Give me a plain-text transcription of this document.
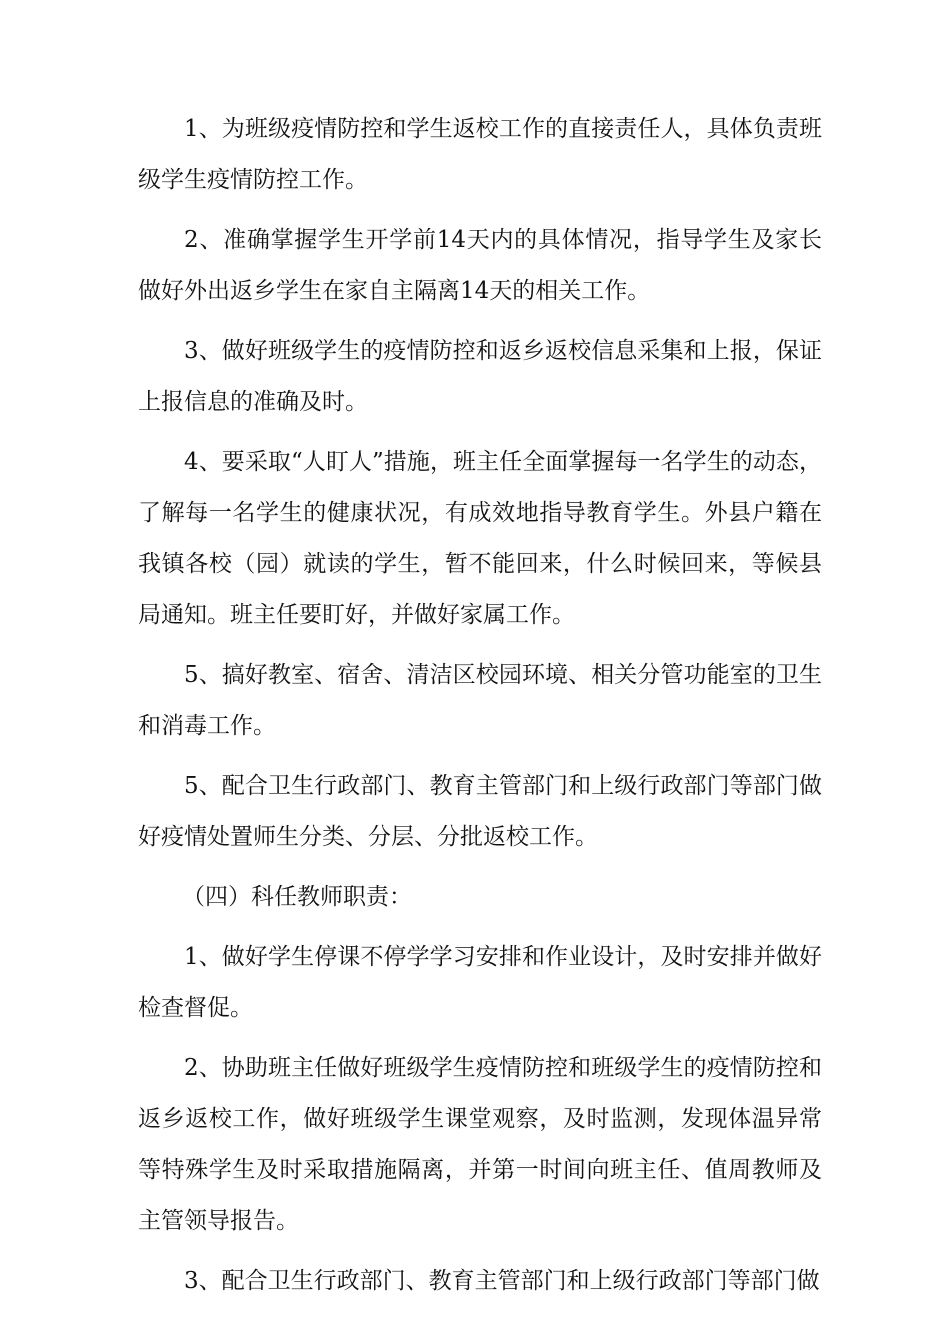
1、为班级疫情防控和学生返校工作的直接责任人，具体负责班级学生疫情防控工作。

2、准确掌握学生开学前14天内的具体情况，指导学生及家长做好外出返乡学生在家自主隔离14天的相关工作。

3、做好班级学生的疫情防控和返乡返校信息采集和上报，保证上报信息的准确及时。

4、要采取“人盯人”措施，班主任全面掌握每一名学生的动态，了解每一名学生的健康状况，有成效地指导教育学生。外县户籍在我镇各校（园）就读的学生，暂不能回来，什么时候回来，等候县局通知。班主任要盯好，并做好家属工作。

5、搞好教室、宿舍、清洁区校园环境、相关分管功能室的卫生和消毒工作。

5、配合卫生行政部门、教育主管部门和上级行政部门等部门做好疫情处置师生分类、分层、分批返校工作。

（四）科任教师职责：

1、做好学生停课不停学学习安排和作业设计，及时安排并做好检查督促。

2、协助班主任做好班级学生疫情防控和班级学生的疫情防控和返乡返校工作，做好班级学生课堂观察，及时监测，发现体温异常等特殊学生及时采取措施隔离，并第一时间向班主任、值周教师及主管领导报告。

3、配合卫生行政部门、教育主管部门和上级行政部门等部门做
